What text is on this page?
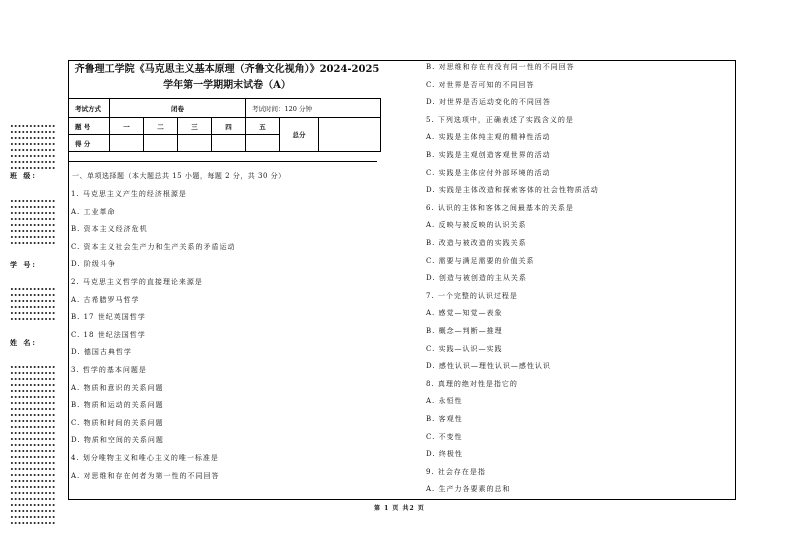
班 级:
学 号:
姓 名:
齐鲁理工学院《马克思主义基本原理（齐鲁文化视角）》2024-2025 学年第一学期期末试卷（A）
考试方式	闭卷				考试时间：120 分钟		
题 号	一	二	三	四	五	总分	
得 分							
一、单项选择题（本大题总共 15 小题，每题 2 分，共 30 分）
1. 马克思主义产生的经济根源是
A. 工业革命
B. 资本主义经济危机
C. 资本主义社会生产力和生产关系的矛盾运动
D. 阶级斗争
2. 马克思主义哲学的直接理论来源是
A. 古希腊罗马哲学
B. 17 世纪英国哲学
C. 18 世纪法国哲学
D. 德国古典哲学
3. 哲学的基本问题是
A. 物质和意识的关系问题
B. 物质和运动的关系问题
C. 物质和时间的关系问题
D. 物质和空间的关系问题
4. 划分唯物主义和唯心主义的唯一标准是
A. 对思维和存在何者为第一性的不同回答
B. 对思维和存在有没有同一性的不同回答
C. 对世界是否可知的不同回答
D. 对世界是否运动变化的不同回答
5. 下列选项中，正确表述了实践含义的是
A. 实践是主体纯主观的精神性活动
B. 实践是主观创造客观世界的活动
C. 实践是主体应付外部环境的活动
D. 实践是主体改造和探索客体的社会性物质活动
6. 认识的主体和客体之间最基本的关系是
A. 反映与被反映的认识关系
B. 改造与被改造的实践关系
C. 需要与满足需要的价值关系
D. 创造与被创造的主从关系
7. 一个完整的认识过程是
A. 感觉—知觉—表象
B. 概念—判断—推理
C. 实践—认识—实践
D. 感性认识—理性认识—感性认识
8. 真理的绝对性是指它的
A. 永恒性
B. 客观性
C. 不变性
D. 终极性
9. 社会存在是指
A. 生产力各要素的总和
第 1 页 共2 页
